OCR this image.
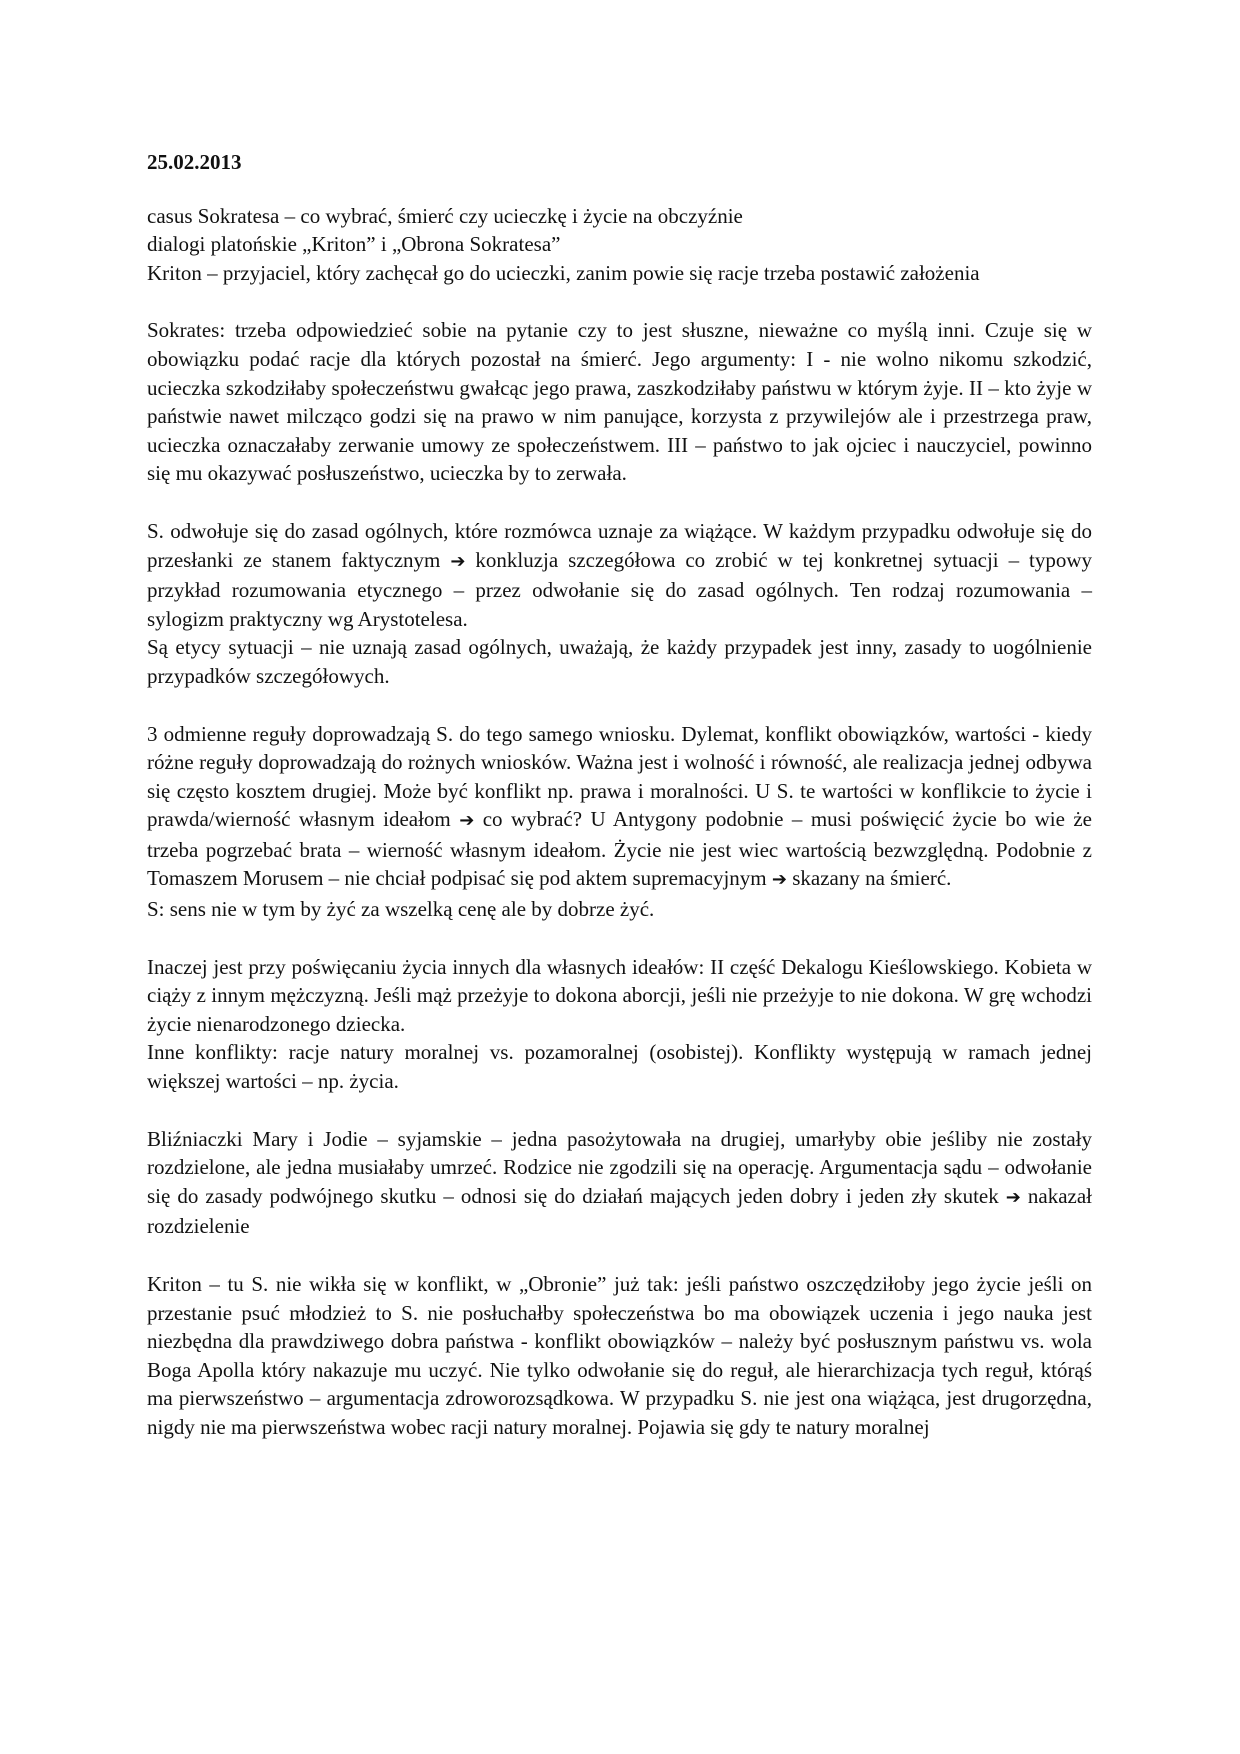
25.02.2013

casus Sokratesa – co wybrać, śmierć czy ucieczkę i życie na obczyźnie

dialogi platońskie „Kriton” i „Obrona Sokratesa”

Kriton – przyjaciel, który zachęcał go do ucieczki, zanim powie się racje trzeba postawić założenia

Sokrates: trzeba odpowiedzieć sobie na pytanie czy to jest słuszne, nieważne co myślą inni. Czuje się w obowiązku podać racje dla których pozostał na śmierć. Jego argumenty: I - nie wolno nikomu szkodzić, ucieczka szkodziłaby społeczeństwu gwałcąc jego prawa, zaszkodziłaby państwu w którym żyje. II – kto żyje w państwie nawet milcząco godzi się na prawo w nim panujące, korzysta z przywilejów ale i przestrzega praw, ucieczka oznaczałaby zerwanie umowy ze społeczeństwem. III – państwo to jak ojciec i nauczyciel, powinno się mu okazywać posłuszeństwo, ucieczka by to zerwała.

S. odwołuje się do zasad ogólnych, które rozmówca uznaje za wiążące. W każdym przypadku odwołuje się do przesłanki ze stanem faktycznym ➔ konkluzja szczegółowa co zrobić w tej konkretnej sytuacji – typowy przykład rozumowania etycznego – przez odwołanie się do zasad ogólnych. Ten rodzaj rozumowania – sylogizm praktyczny wg Arystotelesa.

Są etycy sytuacji – nie uznają zasad ogólnych, uważają, że każdy przypadek jest inny, zasady to uogólnienie przypadków szczegółowych.

3 odmienne reguły doprowadzają S. do tego samego wniosku. Dylemat, konflikt obowiązków, wartości - kiedy różne reguły doprowadzają do rożnych wniosków. Ważna jest i wolność i równość, ale realizacja jednej odbywa się często kosztem drugiej. Może być konflikt np. prawa i moralności. U S. te wartości w konflikcie to życie i prawda/wierność własnym ideałom ➔ co wybrać? U Antygony podobnie – musi poświęcić życie bo wie że trzeba pogrzebać brata – wierność własnym ideałom. Życie nie jest wiec wartością bezwzględną. Podobnie z Tomaszem Morusem – nie chciał podpisać się pod aktem supremacyjnym ➔ skazany na śmierć.

S: sens nie w tym by żyć za wszelką cenę ale by dobrze żyć.

Inaczej jest przy poświęcaniu życia innych dla własnych ideałów: II część Dekalogu Kieślowskiego. Kobieta w ciąży z innym mężczyzną. Jeśli mąż przeżyje to dokona aborcji, jeśli nie przeżyje to nie dokona. W grę wchodzi życie nienarodzonego dziecka.

Inne konflikty: racje natury moralnej vs. pozamoralnej (osobistej). Konflikty występują w ramach jednej większej wartości – np. życia.

Bliźniaczki Mary i Jodie – syjamskie – jedna pasożytowała na drugiej, umarłyby obie jeśliby nie zostały rozdzielone, ale jedna musiałaby umrzeć. Rodzice nie zgodzili się na operację. Argumentacja sądu – odwołanie się do zasady podwójnego skutku – odnosi się do działań mających jeden dobry i jeden zły skutek ➔ nakazał rozdzielenie

Kriton – tu S. nie wikła się w konflikt, w „Obronie” już tak: jeśli państwo oszczędziłoby jego życie jeśli on przestanie psuć młodzież to S. nie posłuchałby społeczeństwa bo ma obowiązek uczenia i jego nauka jest niezbędna dla prawdziwego dobra państwa - konflikt obowiązków – należy być posłusznym państwu vs. wola Boga Apolla który nakazuje mu uczyć. Nie tylko odwołanie się do reguł, ale hierarchizacja tych reguł, którąś ma pierwszeństwo – argumentacja zdroworozsądkowa. W przypadku S. nie jest ona wiążąca, jest drugorzędna, nigdy nie ma pierwszeństwa wobec racji natury moralnej. Pojawia się gdy te natury moralnej
